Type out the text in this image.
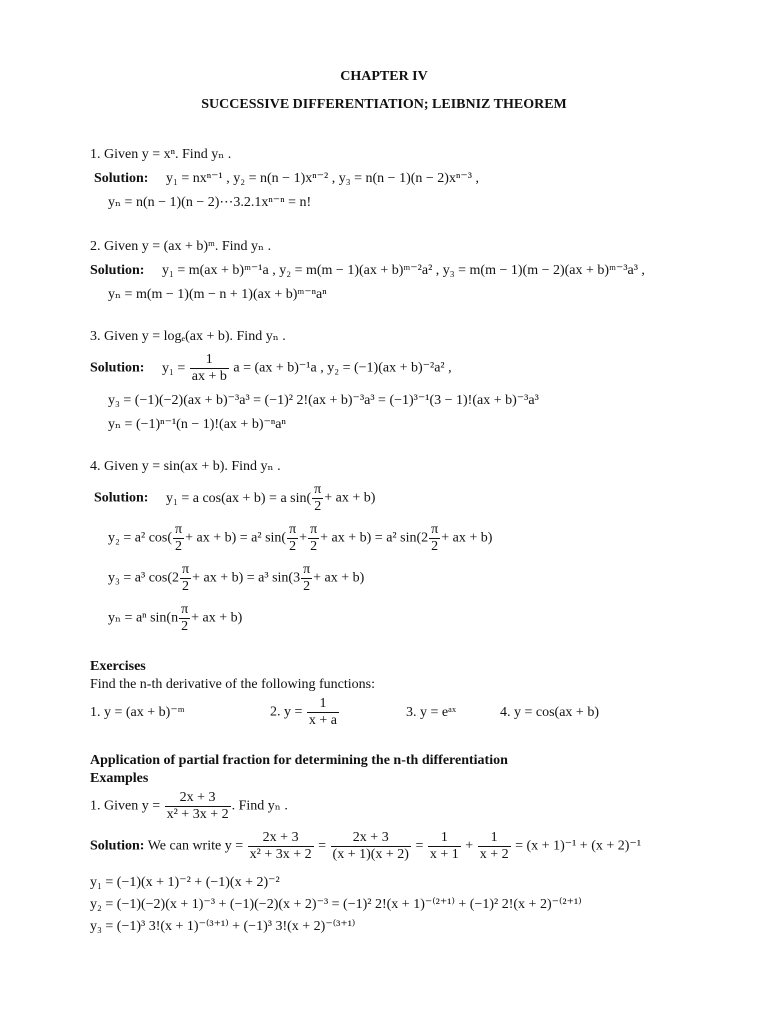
CHAPTER IV
SUCCESSIVE DIFFERENTIATION; LEIBNIZ THEOREM
1. Given y = xⁿ. Find yₙ .
Solution: y₁ = nxⁿ⁻¹ , y₂ = n(n − 1)xⁿ⁻² , y₃ = n(n − 1)(n − 2)xⁿ⁻³ ,
yₙ = n(n − 1)(n − 2)⋯3.2.1xⁿ⁻ⁿ = n!
2. Given y = (ax + b)ᵐ. Find yₙ .
Solution: y₁ = m(ax + b)ᵐ⁻¹a , y₂ = m(m − 1)(ax + b)ᵐ⁻²a² , y₃ = m(m − 1)(m − 2)(ax + b)ᵐ⁻³a³ ,
yₙ = m(m − 1)(m − n + 1)(ax + b)ᵐ⁻ⁿaⁿ
3. Given y = logₑ(ax + b). Find yₙ .
Solution: $y_1 = \frac{1}{ax + b}$ a = (ax + b)⁻¹a , y₂ = (−1)(ax + b)⁻²a² ,
y₃ = (−1)(−2)(ax + b)⁻³a³ = (−1)² 2!(ax + b)⁻³a³ = (−1)³⁻¹(3 − 1)!(ax + b)⁻³a³
yₙ = (−1)ⁿ⁻¹(n − 1)!(ax + b)⁻ⁿaⁿ
4. Given y = sin(ax + b). Find yₙ .
Solution: y₁ = a cos(ax + b) = a $\sin( \frac{\pi}{2}$ + ax + b)
y₂ = a² $\cos( \frac{\pi}{2}$ + ax + b) = a² $\sin( \frac{\pi}{2} + \frac{\pi}{2}$ + ax + b) = a² $\sin(2 \frac{\pi}{2}$ + ax + b)
y₃ = a³ $\cos(2 \frac{\pi}{2}$ + ax + b) = a³ $\sin(3 \frac{\pi}{2}$ + ax + b)
yₙ = aⁿ $\sin(n \frac{\pi}{2}$ + ax + b)
Exercises
Find the n-th derivative of the following functions:
1. y = (ax + b)⁻ᵐ	2. $y = \frac{1}{x + a}$	3. y = eᵃˣ	4. y = cos(ax + b)
Application of partial fraction for determining the n-th differentiation
Examples
1. Given $y = \frac{2x + 3}{\text{x² + 3x + 2}}$ . Find yₙ .
Solution: We can write $y = \frac{2x + 3}{\text{x² + 3x + 2}} = \frac{2x + 3}{(x + 1)(x + 2)} = \frac{1}{x + 1} + \frac{1}{x + 2} = (x + 1)^{-1} + (x + 2)^{-1}$
y₁ = (−1)(x + 1)⁻² + (−1)(x + 2)⁻²
y₂ = (−1)(−2)(x + 1)⁻³ + (−1)(−2)(x + 2)⁻³ = (−1)² 2!(x + 1)⁻⁽²⁺¹⁾ + (−1)² 2!(x + 2)⁻⁽²⁺¹⁾
y₃ = (−1)³ 3!(x + 1)⁻⁽³⁺¹⁾ + (−1)³ 3!(x + 2)⁻⁽³⁺¹⁾
